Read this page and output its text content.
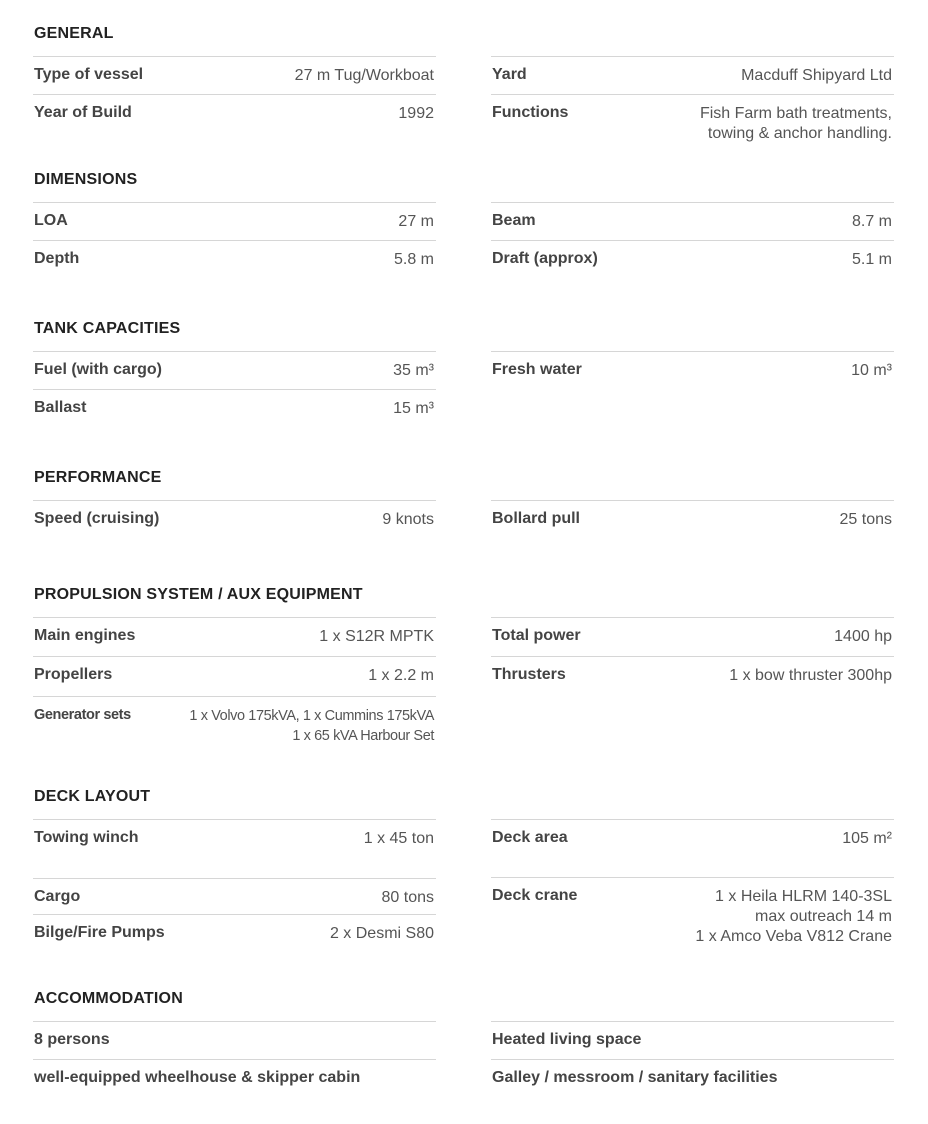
GENERAL
Type of vessel	27 m Tug/Workboat	Yard	Macduff Shipyard Ltd
Year of Build	1992	Functions	Fish Farm bath treatments,
towing & anchor handling.
DIMENSIONS
LOA	27 m	Beam	8.7 m
Depth	5.8 m	Draft (approx)	5.1 m
TANK CAPACITIES
Fuel (with cargo)	35 m³	Fresh water	10 m³
Ballast	15 m³
PERFORMANCE
Speed (cruising)	9 knots	Bollard pull	25 tons
PROPULSION SYSTEM / AUX EQUIPMENT
Main engines	1 x S12R MPTK	Total power	1400 hp
Propellers	1 x 2.2 m	Thrusters	1 x bow thruster 300hp
Generator sets	1 x Volvo 175kVA, 1 x Cummins 175kVA
1 x 65 kVA Harbour Set
DECK LAYOUT
Towing winch	1 x 45 ton	Deck area	105 m²
Cargo	80 tons	Deck crane	1 x Heila HLRM 140-3SL
max outreach 14 m
1 x Amco Veba V812 Crane
Bilge/Fire Pumps	2 x Desmi S80
ACCOMMODATION
8 persons	Heated living space
well-equipped wheelhouse & skipper cabin	Galley / messroom / sanitary facilities
